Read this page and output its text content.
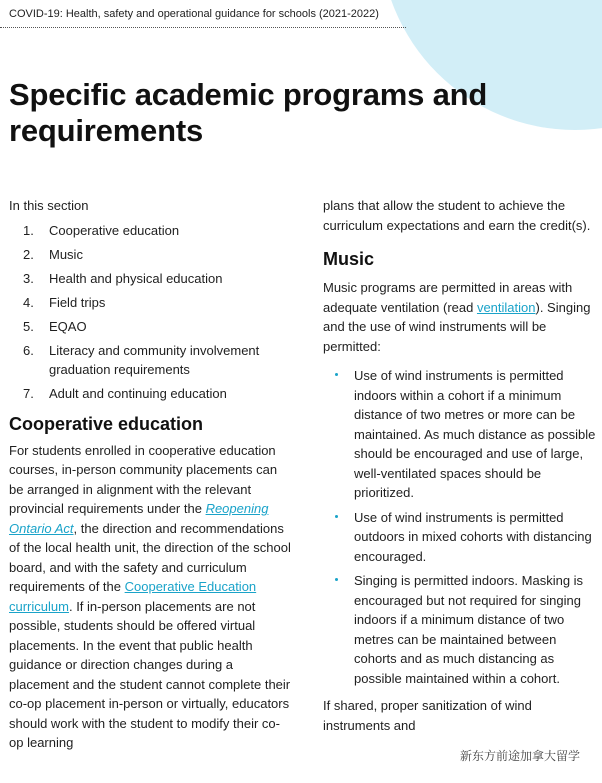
COVID-19: Health, safety and operational guidance for schools (2021-2022)
Specific academic programs and requirements

In this section

1. Cooperative education
2. Music
3. Health and physical education
4. Field trips
5. EQAO
6. Literacy and community involvement graduation requirements
7. Adult and continuing education
Cooperative education

For students enrolled in cooperative education courses, in-person community placements can be arranged in alignment with the relevant provincial requirements under the Reopening Ontario Act, the direction and recommendations of the local health unit, the direction of the school board, and with the safety and curriculum requirements of the Cooperative Education curriculum. If in-person placements are not possible, students should be offered virtual placements. In the event that public health guidance or direction changes during a placement and the student cannot complete their co-op placement in-person or virtually, educators should work with the student to modify their co-op learning

plans that allow the student to achieve the curriculum expectations and earn the credit(s).

Music

Music programs are permitted in areas with adequate ventilation (read ventilation). Singing and the use of wind instruments will be permitted:

Use of wind instruments is permitted indoors within a cohort if a minimum distance of two metres or more can be maintained. As much distance as possible should be encouraged and use of large, well-ventilated spaces should be prioritized.
Use of wind instruments is permitted outdoors in mixed cohorts with distancing encouraged.
Singing is permitted indoors. Masking is encouraged but not required for singing indoors if a minimum distance of two metres can be maintained between cohorts and as much distancing as possible maintained within a cohort.

If shared, proper sanitization of wind instruments and

新东方前途加拿大留学
